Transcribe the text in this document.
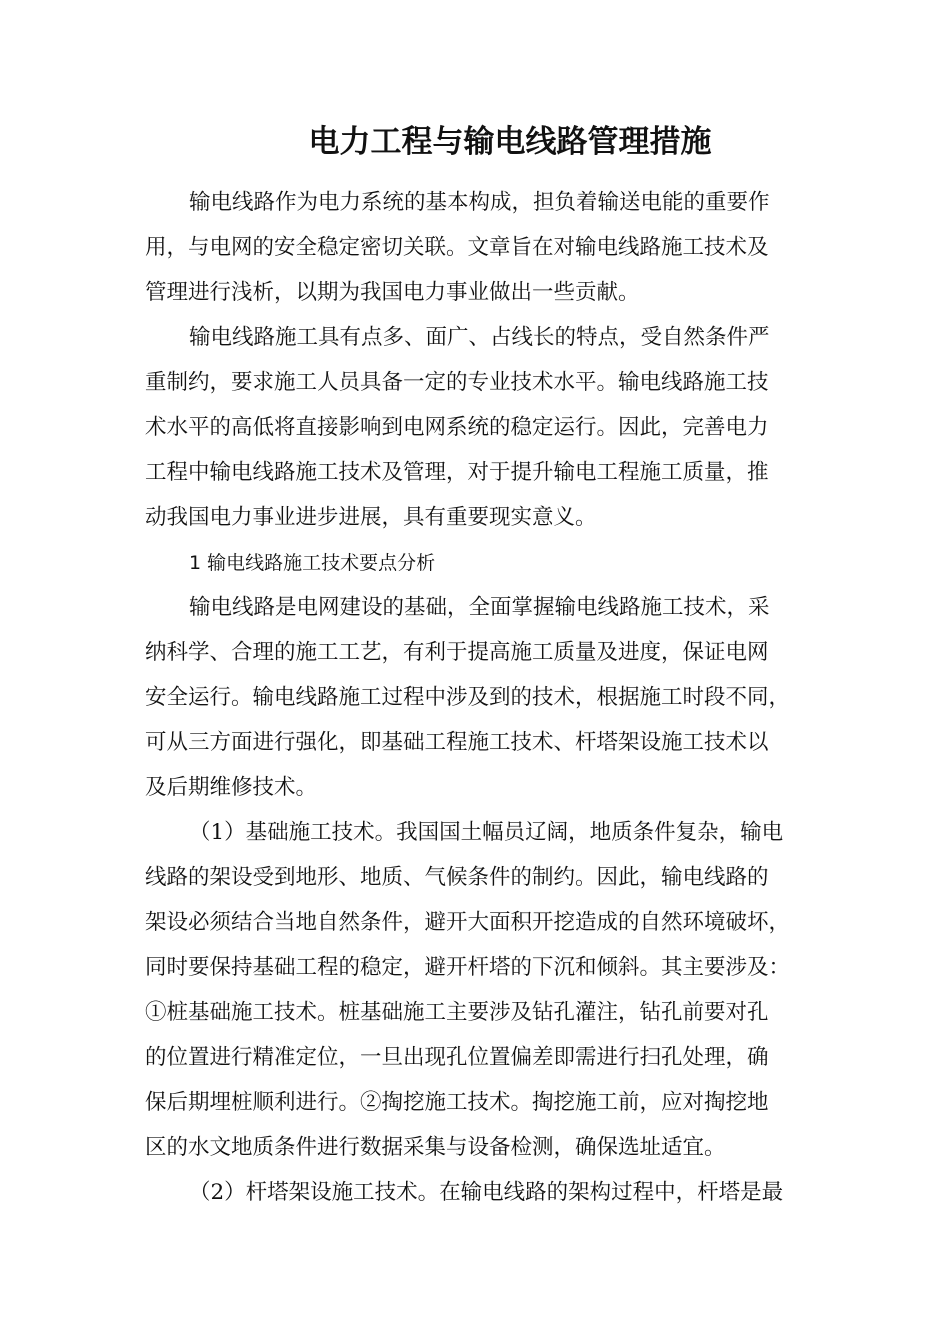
电力工程与输电线路管理措施
输电线路作为电力系统的基本构成，担负着输送电能的重要作
用，与电网的安全稳定密切关联。文章旨在对输电线路施工技术及
管理进行浅析，以期为我国电力事业做出一些贡献。
输电线路施工具有点多、面广、占线长的特点，受自然条件严
重制约，要求施工人员具备一定的专业技术水平。输电线路施工技
术水平的高低将直接影响到电网系统的稳定运行。因此，完善电力
工程中输电线路施工技术及管理，对于提升输电工程施工质量，推
动我国电力事业进步进展，具有重要现实意义。
1 输电线路施工技术要点分析
输电线路是电网建设的基础，全面掌握输电线路施工技术，采
纳科学、合理的施工工艺，有利于提高施工质量及进度，保证电网
安全运行。输电线路施工过程中涉及到的技术，根据施工时段不同，
可从三方面进行强化，即基础工程施工技术、杆塔架设施工技术以
及后期维修技术。
（1）基础施工技术。我国国土幅员辽阔，地质条件复杂，输电
线路的架设受到地形、地质、气候条件的制约。因此，输电线路的
架设必须结合当地自然条件，避开大面积开挖造成的自然环境破坏，
同时要保持基础工程的稳定，避开杆塔的下沉和倾斜。其主要涉及：
①桩基础施工技术。桩基础施工主要涉及钻孔灌注，钻孔前要对孔
的位置进行精准定位，一旦出现孔位置偏差即需进行扫孔处理，确
保后期埋桩顺利进行。②掏挖施工技术。掏挖施工前，应对掏挖地
区的水文地质条件进行数据采集与设备检测，确保选址适宜。
（2）杆塔架设施工技术。在输电线路的架构过程中，杆塔是最
